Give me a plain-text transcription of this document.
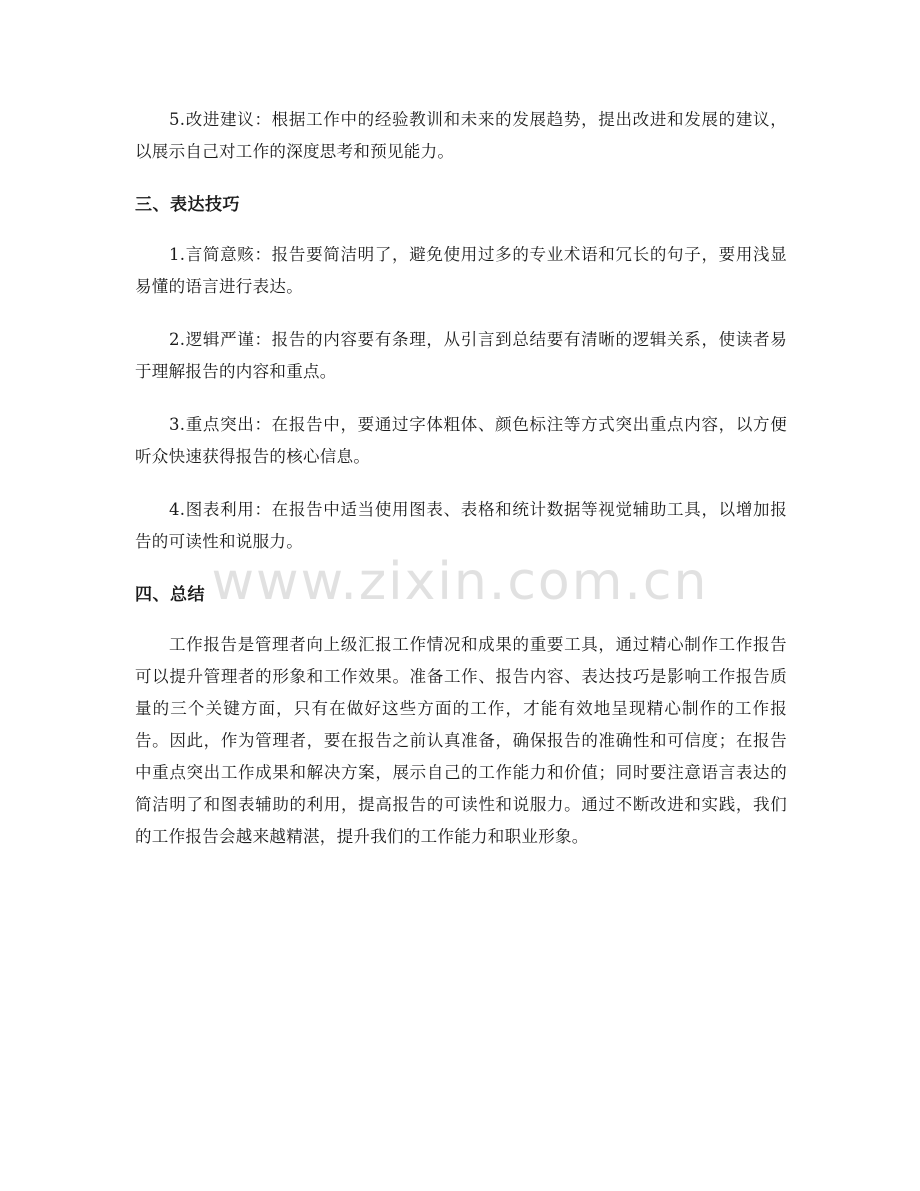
5.改进建议：根据工作中的经验教训和未来的发展趋势，提出改进和发展的建议，以展示自己对工作的深度思考和预见能力。

三、表达技巧

1.言简意赅：报告要简洁明了，避免使用过多的专业术语和冗长的句子，要用浅显易懂的语言进行表达。

2.逻辑严谨：报告的内容要有条理，从引言到总结要有清晰的逻辑关系，使读者易于理解报告的内容和重点。

3.重点突出：在报告中，要通过字体粗体、颜色标注等方式突出重点内容，以方便听众快速获得报告的核心信息。

4.图表利用：在报告中适当使用图表、表格和统计数据等视觉辅助工具，以增加报告的可读性和说服力。

四、总结

工作报告是管理者向上级汇报工作情况和成果的重要工具，通过精心制作工作报告可以提升管理者的形象和工作效果。准备工作、报告内容、表达技巧是影响工作报告质量的三个关键方面，只有在做好这些方面的工作，才能有效地呈现精心制作的工作报告。因此，作为管理者，要在报告之前认真准备，确保报告的准确性和可信度；在报告中重点突出工作成果和解决方案，展示自己的工作能力和价值；同时要注意语言表达的简洁明了和图表辅助的利用，提高报告的可读性和说服力。通过不断改进和实践，我们的工作报告会越来越精湛，提升我们的工作能力和职业形象。

www.zixin.com.cn
